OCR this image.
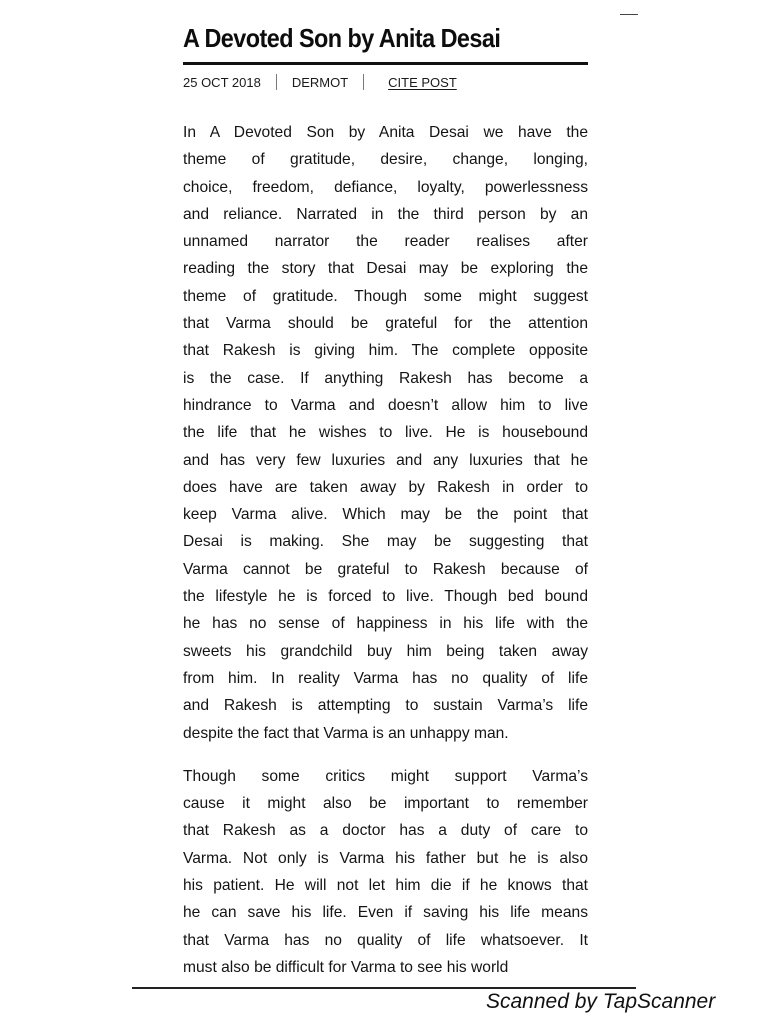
A Devoted Son by Anita Desai
25 OCT 2018 DERMOT	CITE POST

In A Devoted Son by Anita Desai we have the
theme of gratitude, desire, change, longing,
choice, freedom, defiance, loyalty, powerlessness
and reliance. Narrated in the third person by an
unnamed narrator the reader realises after
reading the story that Desai may be exploring the
theme of gratitude. Though some might suggest
that Varma should be grateful for the attention
that Rakesh is giving him. The complete opposite
is the case. If anything Rakesh has become a
hindrance to Varma and doesn’t allow him to live
the life that he wishes to live. He is housebound
and has very few luxuries and any luxuries that he
does have are taken away by Rakesh in order to
keep Varma alive. Which may be the point that
Desai is making. She may be suggesting that
Varma cannot be grateful to Rakesh because of
the lifestyle he is forced to live. Though bed bound
he has no sense of happiness in his life with the
sweets his grandchild buy him being taken away
from him. In reality Varma has no quality of life
and Rakesh is attempting to sustain Varma’s life
despite the fact that Varma is an unhappy man.

Though some critics might support Varma’s
cause it might also be important to remember
that Rakesh as a doctor has a duty of care to
Varma. Not only is Varma his father but he is also
his patient. He will not let him die if he knows that
he can save his life. Even if saving his life means
that Varma has no quality of life whatsoever. It
must also be difficult for Varma to see his world

Scanned by TapScanner
